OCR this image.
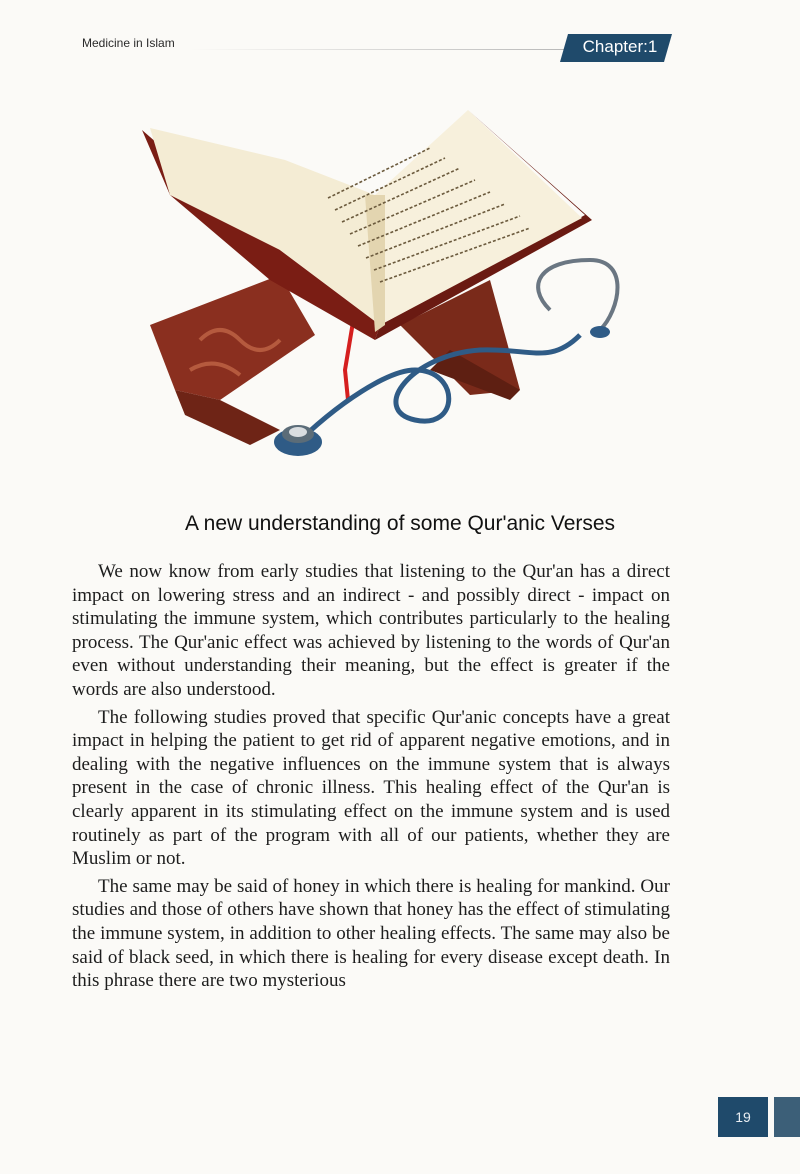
Medicine in Islam	Chapter:1
A new understanding of some Qur'anic Verses

We now know from early studies that listening to the Qur'an has a direct impact on lowering stress and an indirect - and possibly direct - impact on stimulating the immune system, which contributes particularly to the healing process. The Qur'anic effect was achieved by listening to the words of Qur'an even without understanding their meaning, but the effect is greater if the words are also understood.

The following studies proved that specific Qur'anic concepts have a great impact in helping the patient to get rid of apparent negative emotions, and in dealing with the negative influences on the immune system that is always present in the case of chronic illness. This healing effect of the Qur'an is clearly apparent in its stimulating effect on the immune system and is used routinely as part of the program with all of our patients, whether they are Muslim or not.

The same may be said of honey in which there is healing for mankind. Our studies and those of others have shown that honey has the effect of stimulating the immune system, in addition to other healing effects. The same may also be said of black seed, in which there is healing for every disease except death. In this phrase there are two mysterious

19
